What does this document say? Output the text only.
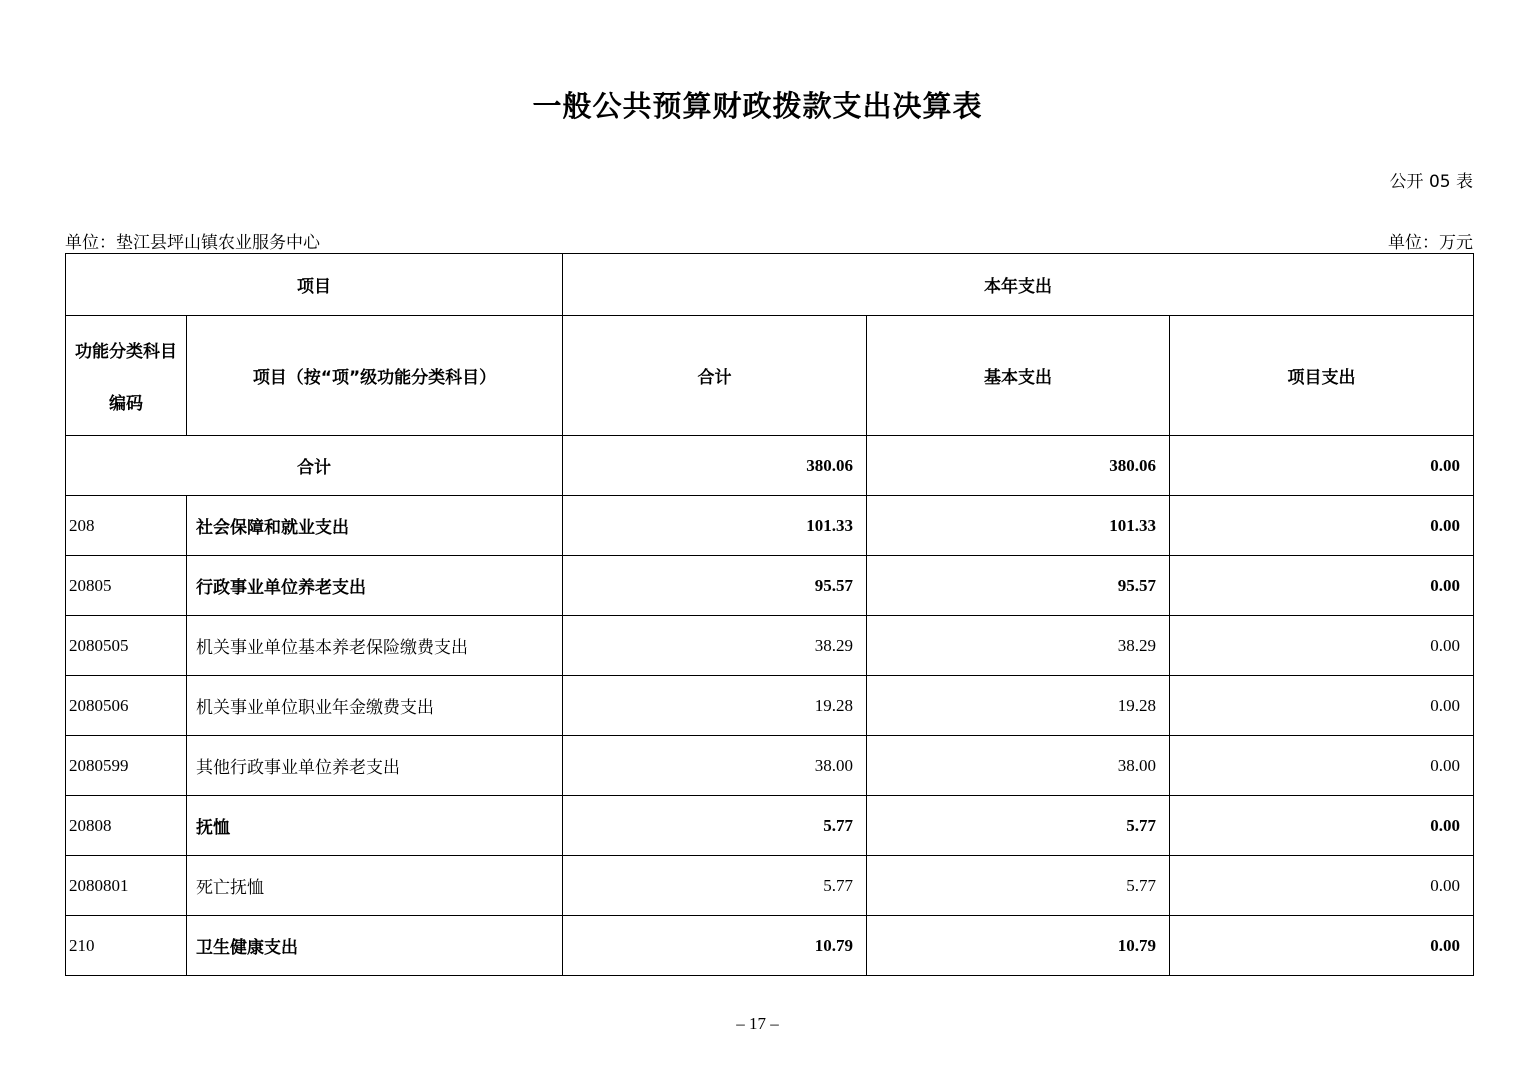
一般公共预算财政拨款支出决算表
公开 05 表
单位：垫江县坪山镇农业服务中心	单位：万元
项目		本年支出		

功能分类科目
编码	项目（按“项”级功能分类科目）	合计	基本支出	项目支出
合计		380.06	380.06	0.00
208	社会保障和就业支出	101.33	101.33	0.00
20805	行政事业单位养老支出	95.57	95.57	0.00
2080505	机关事业单位基本养老保险缴费支出	38.29	38.29	0.00
2080506	机关事业单位职业年金缴费支出	19.28	19.28	0.00
2080599	其他行政事业单位养老支出	38.00	38.00	0.00
20808	抚恤	5.77	5.77	0.00
2080801	死亡抚恤	5.77	5.77	0.00
210	卫生健康支出	10.79	10.79	0.00
– 17 –
